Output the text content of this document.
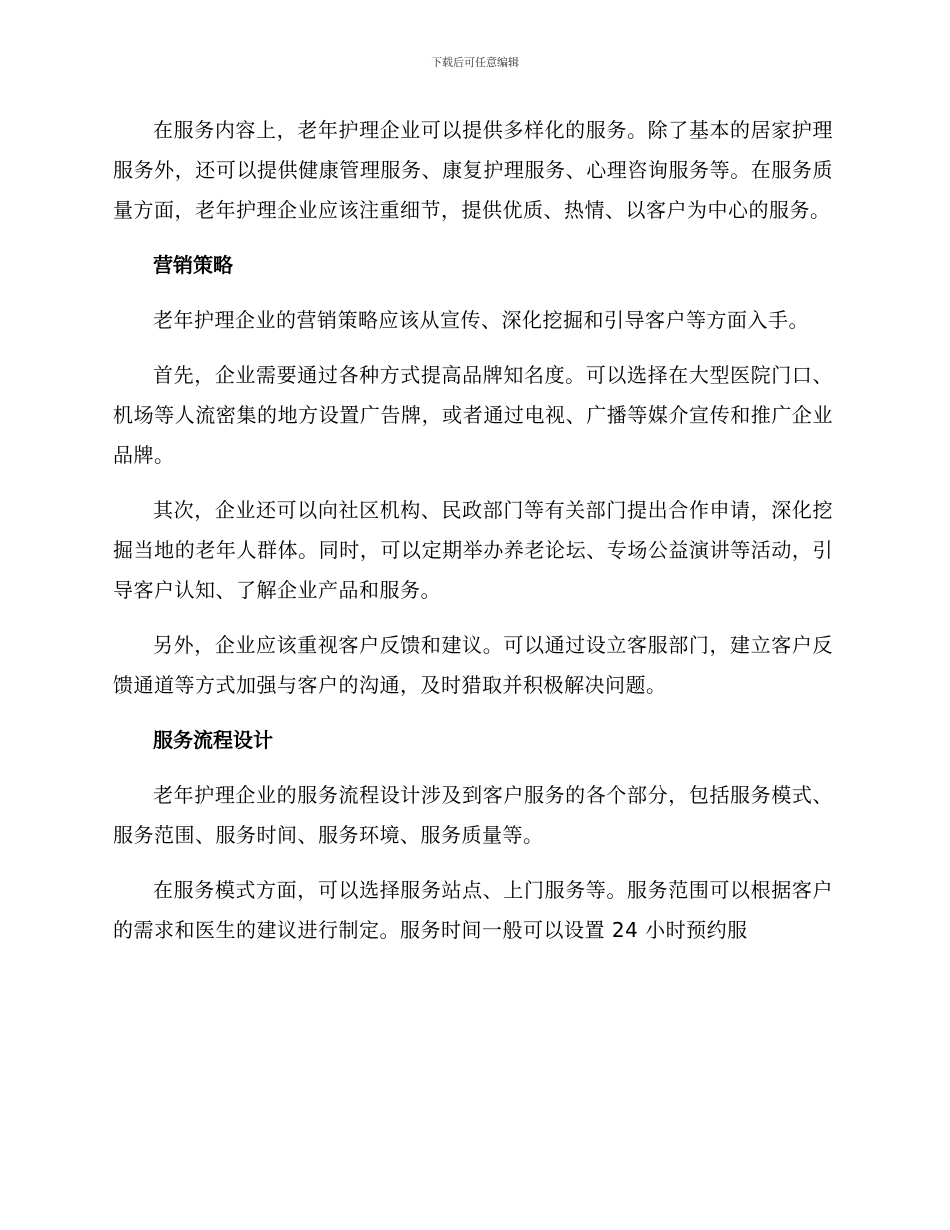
下载后可任意编辑

在服务内容上，老年护理企业可以提供多样化的服务。除了基本的居家护理服务外，还可以提供健康管理服务、康复护理服务、心理咨询服务等。在服务质量方面，老年护理企业应该注重细节，提供优质、热情、以客户为中心的服务。

营销策略

老年护理企业的营销策略应该从宣传、深化挖掘和引导客户等方面入手。

首先，企业需要通过各种方式提高品牌知名度。可以选择在大型医院门口、机场等人流密集的地方设置广告牌，或者通过电视、广播等媒介宣传和推广企业品牌。

其次，企业还可以向社区机构、民政部门等有关部门提出合作申请，深化挖掘当地的老年人群体。同时，可以定期举办养老论坛、专场公益演讲等活动，引导客户认知、了解企业产品和服务。

另外，企业应该重视客户反馈和建议。可以通过设立客服部门，建立客户反馈通道等方式加强与客户的沟通，及时猎取并积极解决问题。

服务流程设计

老年护理企业的服务流程设计涉及到客户服务的各个部分，包括服务模式、服务范围、服务时间、服务环境、服务质量等。

在服务模式方面，可以选择服务站点、上门服务等。服务范围可以根据客户的需求和医生的建议进行制定。服务时间一般可以设置 24 小时预约服
